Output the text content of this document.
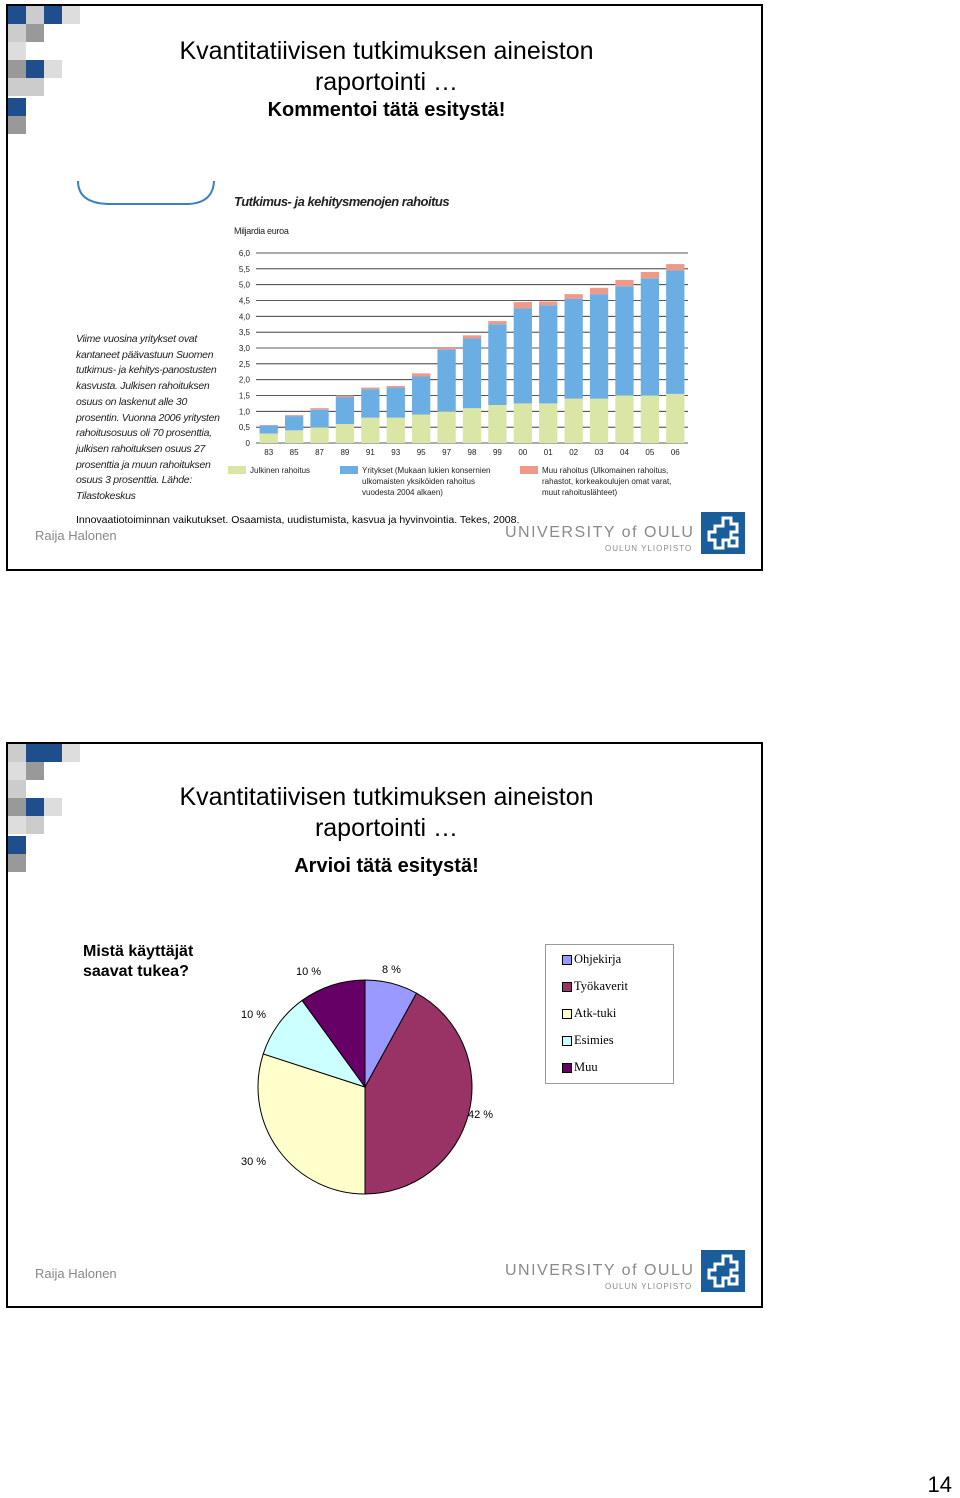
Kvantitatiivisen tutkimuksen aineiston
raportointi …
Kommentoi tätä esitystä!
Tutkimus- ja kehitysmenojen rahoitus
Miljardia euroa
Viime vuosina yritykset ovat kantaneet päävastuun Suomen tutkimus- ja kehitys-panostusten kasvusta. Julkisen rahoituksen osuus on laskenut alle 30 prosentin. Vuonna 2006 yritysten rahoitusosuus oli 70 prosenttia, julkisen rahoituksen osuus 27 prosenttia ja muun rahoituksen osuus 3 prosenttia. Lähde: Tilastokeskus
0
0,5
1,0
1,5
2,0
2,5
3,0
3,5
4,0
4,5
5,0
5,5
6,0
83 85 87 89 91 93 95 97 98 99 00 01 02 03 04 05 06
Julkinen rahoitus	Yritykset (Mukaan lukien konsernien
ulkomaisten yksiköiden rahoitus
vuodesta 2004 alkaen)
Muu rahoitus (Ulkomainen rahoitus,
rahastot, korkeakoulujen omat varat,
muut rahoituslähteet)
Innovaatiotoiminnan vaikutukset. Osaamista, uudistumista, kasvua ja hyvinvointia. Tekes, 2008.
Raija Halonen	UNIVERSITY of OULU
OULUN YLIOPISTO
Kvantitatiivisen tutkimuksen aineiston
raportointi …
Arvioi tätä esitystä!
Mistä käyttäjät
saavat tukea?
Ohjekirja
Työkaverit
Atk-tuki
Esimies
Muu
Raija Halonen	UNIVERSITY of OULU
OULUN YLIOPISTO
8 %
42 %
30 %
10 %
10 %
14
